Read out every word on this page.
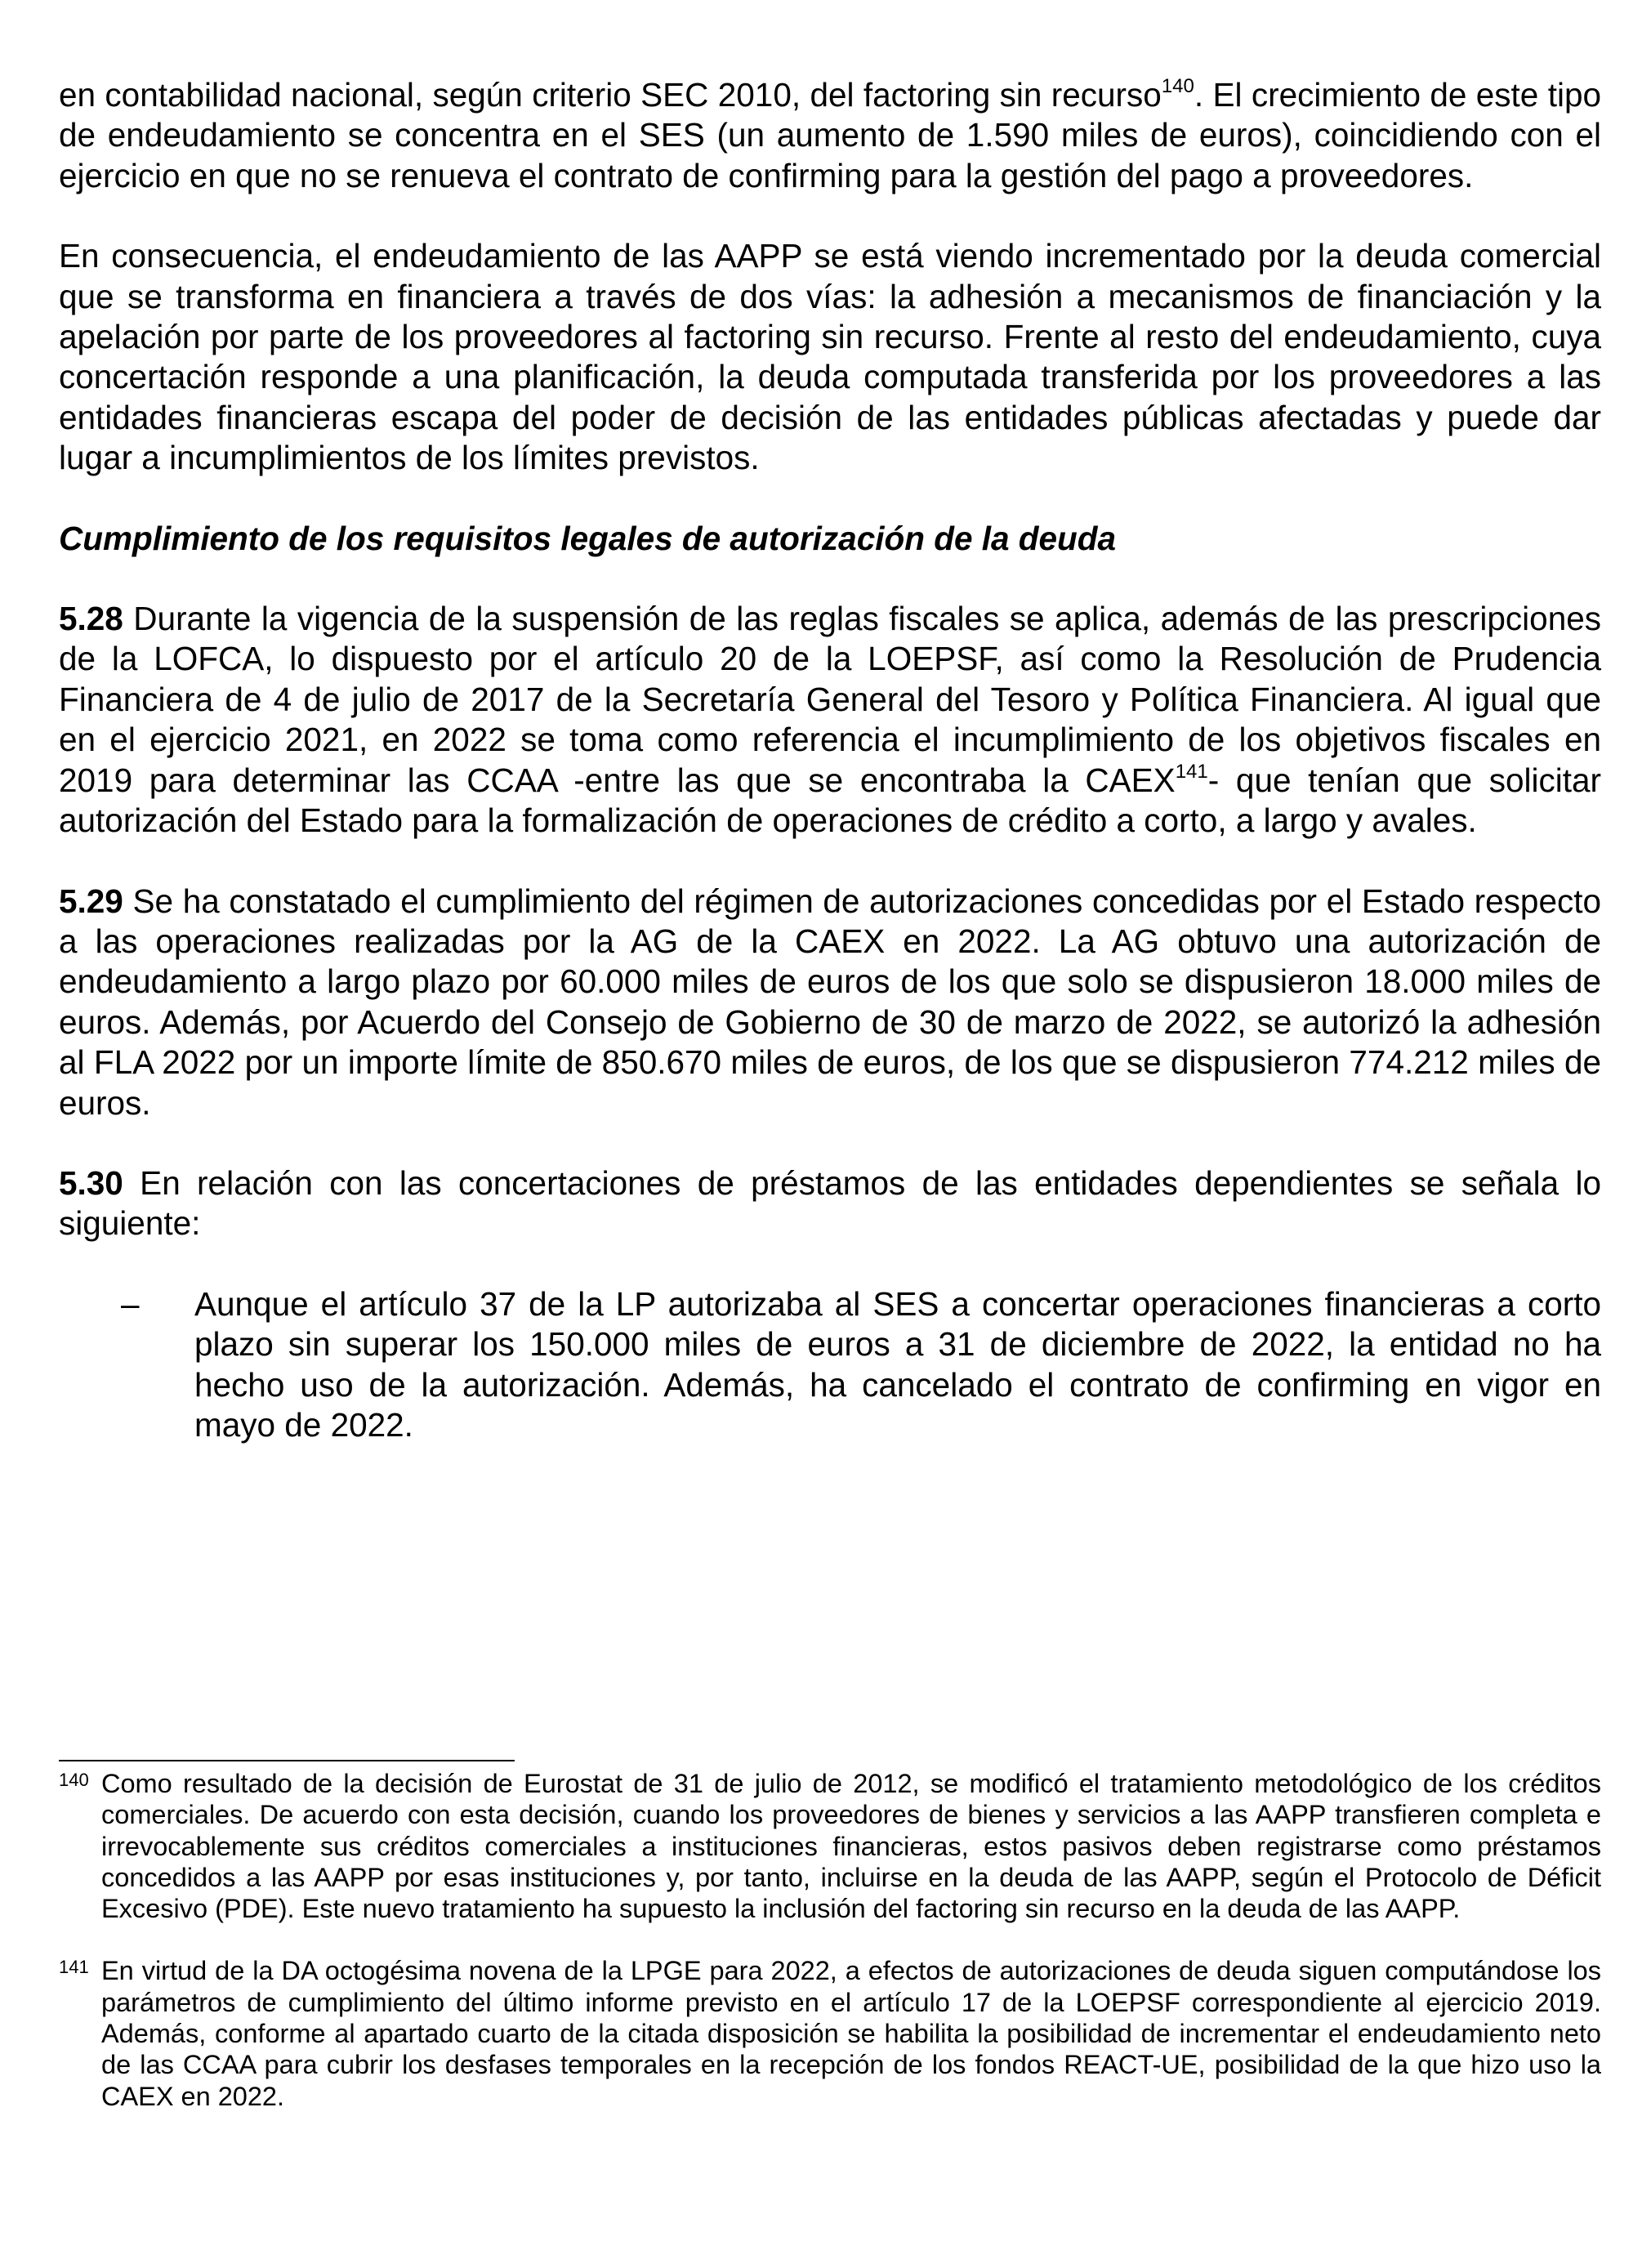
en contabilidad nacional, según criterio SEC 2010, del factoring sin recurso$^{140}$. El crecimiento de este tipo de endeudamiento se concentra en el SES (un aumento de 1.590 miles de euros), coincidiendo con el ejercicio en que no se renueva el contrato de confirming para la gestión del pago a proveedores.

En consecuencia, el endeudamiento de las AAPP se está viendo incrementado por la deuda comercial que se transforma en financiera a través de dos vías: la adhesión a mecanismos de financiación y la apelación por parte de los proveedores al factoring sin recurso. Frente al resto del endeudamiento, cuya concertación responde a una planificación, la deuda computada transferida por los proveedores a las entidades financieras escapa del poder de decisión de las entidades públicas afectadas y puede dar lugar a incumplimientos de los límites previstos.

Cumplimiento de los requisitos legales de autorización de la deuda

5.28 Durante la vigencia de la suspensión de las reglas fiscales se aplica, además de las prescripciones de la LOFCA, lo dispuesto por el artículo 20 de la LOEPSF, así como la Resolución de Prudencia Financiera de 4 de julio de 2017 de la Secretaría General del Tesoro y Política Financiera. Al igual que en el ejercicio 2021, en 2022 se toma como referencia el incumplimiento de los objetivos fiscales en 2019 para determinar las CCAA -entre las que se encontraba la CAEX$^{141}$- que tenían que solicitar autorización del Estado para la formalización de operaciones de crédito a corto, a largo y avales.

5.29 Se ha constatado el cumplimiento del régimen de autorizaciones concedidas por el Estado respecto a las operaciones realizadas por la AG de la CAEX en 2022. La AG obtuvo una autorización de endeudamiento a largo plazo por 60.000 miles de euros de los que solo se dispusieron 18.000 miles de euros. Además, por Acuerdo del Consejo de Gobierno de 30 de marzo de 2022, se autorizó la adhesión al FLA 2022 por un importe límite de 850.670 miles de euros, de los que se dispusieron 774.212 miles de euros.

5.30 En relación con las concertaciones de préstamos de las entidades dependientes se señala lo siguiente:

–	Aunque el artículo 37 de la LP autorizaba al SES a concertar operaciones financieras a corto plazo sin superar los 150.000 miles de euros a 31 de diciembre de 2022, la entidad no ha hecho uso de la autorización. Además, ha cancelado el contrato de confirming en vigor en mayo de 2022.

140 Como resultado de la decisión de Eurostat de 31 de julio de 2012, se modificó el tratamiento metodológico de los créditos comerciales. De acuerdo con esta decisión, cuando los proveedores de bienes y servicios a las AAPP transfieren completa e irrevocablemente sus créditos comerciales a instituciones financieras, estos pasivos deben registrarse como préstamos concedidos a las AAPP por esas instituciones y, por tanto, incluirse en la deuda de las AAPP, según el Protocolo de Déficit Excesivo (PDE). Este nuevo tratamiento ha supuesto la inclusión del factoring sin recurso en la deuda de las AAPP.

141 En virtud de la DA octogésima novena de la LPGE para 2022, a efectos de autorizaciones de deuda siguen computándose los parámetros de cumplimiento del último informe previsto en el artículo 17 de la LOEPSF correspondiente al ejercicio 2019. Además, conforme al apartado cuarto de la citada disposición se habilita la posibilidad de incrementar el endeudamiento neto de las CCAA para cubrir los desfases temporales en la recepción de los fondos REACT-UE, posibilidad de la que hizo uso la CAEX en 2022.
